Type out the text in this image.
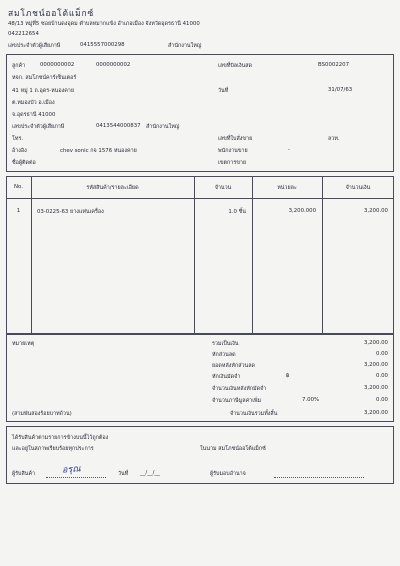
สมโภชน์ออโต้แม็กซ์
48/13 หมู่ที่5 ซอยบ้านดงอุดม ตำบลหมากแข้ง อำเภอเมือง จังหวัดอุดรธานี 41000
042212654
เลขประจำตัวผู้เสียภาษี	0415557000298	สำนักงานใหญ่
ลูกค้า	0000000002	0000000002
หจก. สมโภชน์คาร์เซ็นเตอร์
41 หมู่ 1 ถ.อุดร-หนองคาย
ต.หมองบัว อ.เมือง
จ.อุดรธานี 41000
เลขประจำตัวผู้เสียภาษี	0413544000837 สำนักงานใหญ่
โทร.
อ้างอิง	chev sonic กจ 1576 หนองคาย
ชื่อผู้ติดต่อ
เลขที่บิลเงินสด	BS0002207
วันที่	31/07/63
เลขที่ใบสั่งขาย	ลวท.
พนักงานขาย	-
เขตการขาย
No.	รหัสสินค้า/รายละเอียด	จำนวน	หน่วยละ	จำนวนเงิน
1	03-0225-63 ยางแท่นเครื่อง	1.0 ชิ้น	3,200.000	3,200.00
หมายเหตุ
(สามพันสองร้อยบาทถ้วน)
รวมเป็นเงิน	3,200.00
หักส่วนลด	0.00
ยอดหลังหักส่วนลด	3,200.00
หักเงินมัดจำ	฿	0.00
จำนวนเงินหลังหักมัดจำ	3,200.00
จำนวนภาษีมูลค่าเพิ่ม	7.00%	0.00
จำนวนเงินรวมทั้งสิ้น	3,200.00
ได้รับสินค้าตามรายการข้างบนนี้ไว้ถูกต้อง
และอยู่ในสภาพเรียบร้อยทุกประการ	ในนาม สมโภชน์ออโต้แม็กซ์
ผู้รับสินค้า	อรุณ	วันที่ __/__/__	ผู้รับมอบอำนาจ
